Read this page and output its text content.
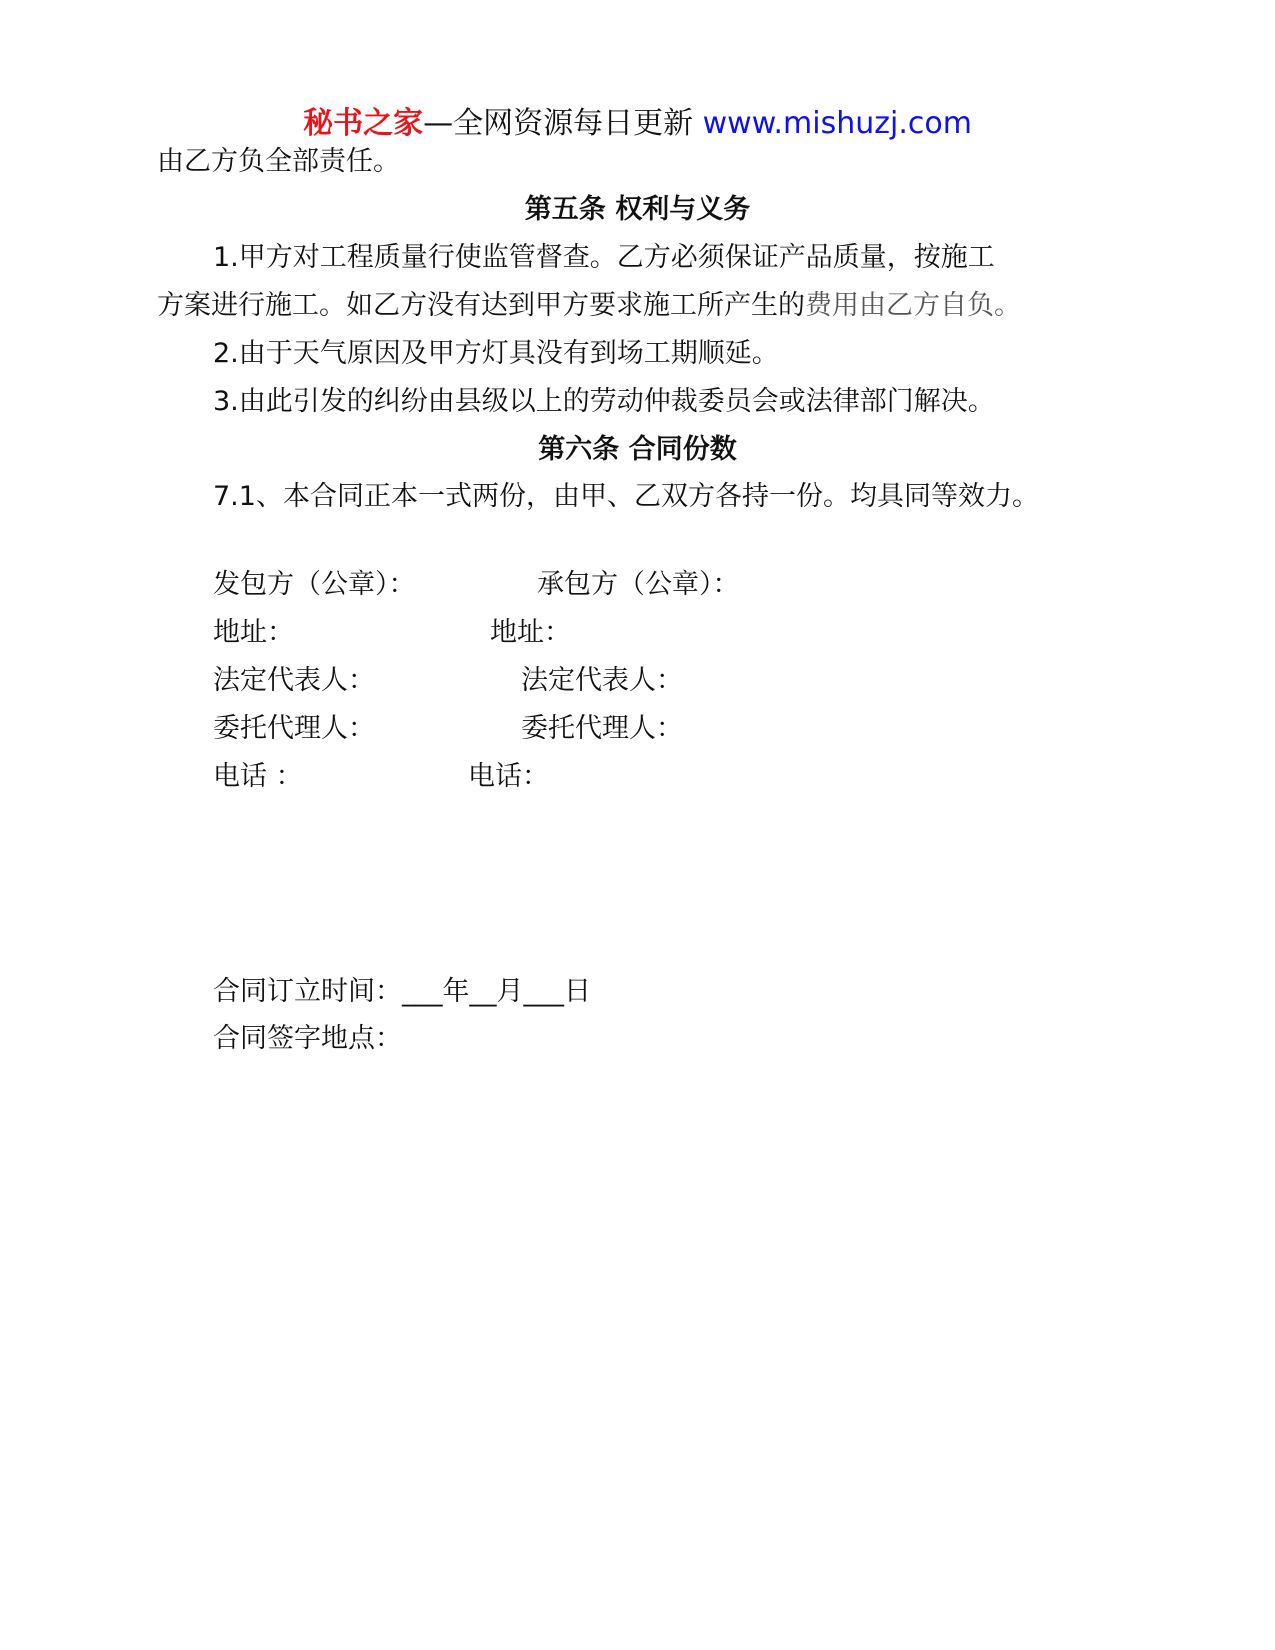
秘书之家—全网资源每日更新 www.mishuzj.com
由乙方负全部责任。
第五条 权利与义务
1.甲方对工程质量行使监管督查。乙方必须保证产品质量，按施工
方案进行施工。如乙方没有达到甲方要求施工所产生的费用由乙方自负。
2.由于天气原因及甲方灯具没有到场工期顺延。
3.由此引发的纠纷由县级以上的劳动仲裁委员会或法律部门解决。
第六条 合同份数
7.1、本合同正本一式两份，由甲、乙双方各持一份。均具同等效力。
发包方（公章）：	承包方（公章）：
地址：	地址：
法定代表人：	法定代表人：
委托代理人：	委托代理人：
电话 ：	电话：
合同订立时间：___年__月___日
合同签字地点：
